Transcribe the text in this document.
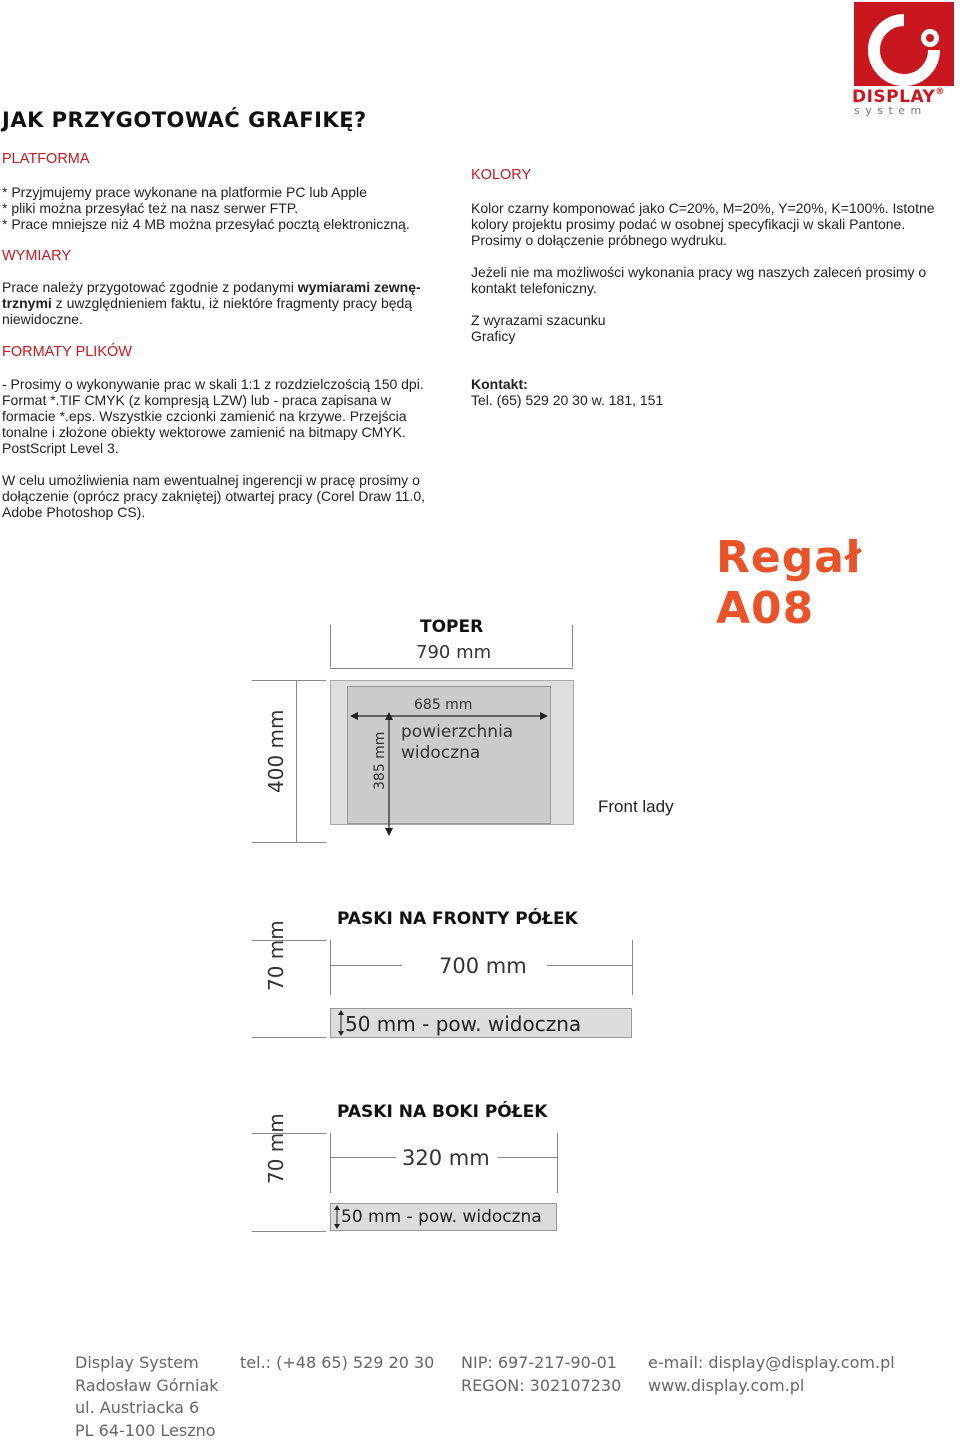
DISPLAY®
s y s t e m
JAK PRZYGOTOWAĆ GRAFIKĘ?
PLATFORMA
* Przyjmujemy prace wykonane na platformie PC lub Apple
* pliki można przesyłać też na nasz serwer FTP.
* Prace mniejsze niż 4 MB można przesyłać pocztą elektroniczną.
WYMIARY
Prace należy przygotować zgodnie z podanymi wymiarami zewnę-
trznymi z uwzględnieniem faktu, iż niektóre fragmenty pracy będą
niewidoczne.
FORMATY PLIKÓW
- Prosimy o wykonywanie prac w skali 1:1 z rozdzielczością 150 dpi.
Format *.TIF CMYK (z kompresją LZW) lub - praca zapisana w
formacie *.eps. Wszystkie czcionki zamienić na krzywe. Przejścia
tonalne i złożone obiekty wektorowe zamienić na bitmapy CMYK.
PostScript Level 3.
W celu umożliwienia nam ewentualnej ingerencji w pracę prosimy o
dołączenie (oprócz pracy zakniętej) otwartej pracy (Corel Draw 11.0,
Adobe Photoshop CS).
KOLORY
Kolor czarny komponować jako C=20%, M=20%, Y=20%, K=100%. Istotne
kolory projektu prosimy podać w osobnej specyfikacji w skali Pantone.
Prosimy o dołączenie próbnego wydruku.
Jeżeli nie ma możliwości wykonania pracy wg naszych zaleceń prosimy o
kontakt telefoniczny.
Z wyrazami szacunku
Graficy
Kontakt:
Tel. (65) 529 20 30 w. 181, 151
Regał A08
TOPER
790 mm
400 mm
685 mm
385 mm powierzchnia
widoczna
Front lady
PASKI NA FRONTY PÓŁEK
700 mm
70 mm
50 mm - pow. widoczna
PASKI NA BOKI PÓŁEK
320 mm
70 mm
50 mm - pow. widoczna
Display System
Radosław Górniak
ul. Austriacka 6
PL 64-100 Leszno
tel.: (+48 65) 529 20 30 NIP: 697-217-90-01
REGON: 302107230
e-mail: display@display.com.pl
www.display.com.pl
